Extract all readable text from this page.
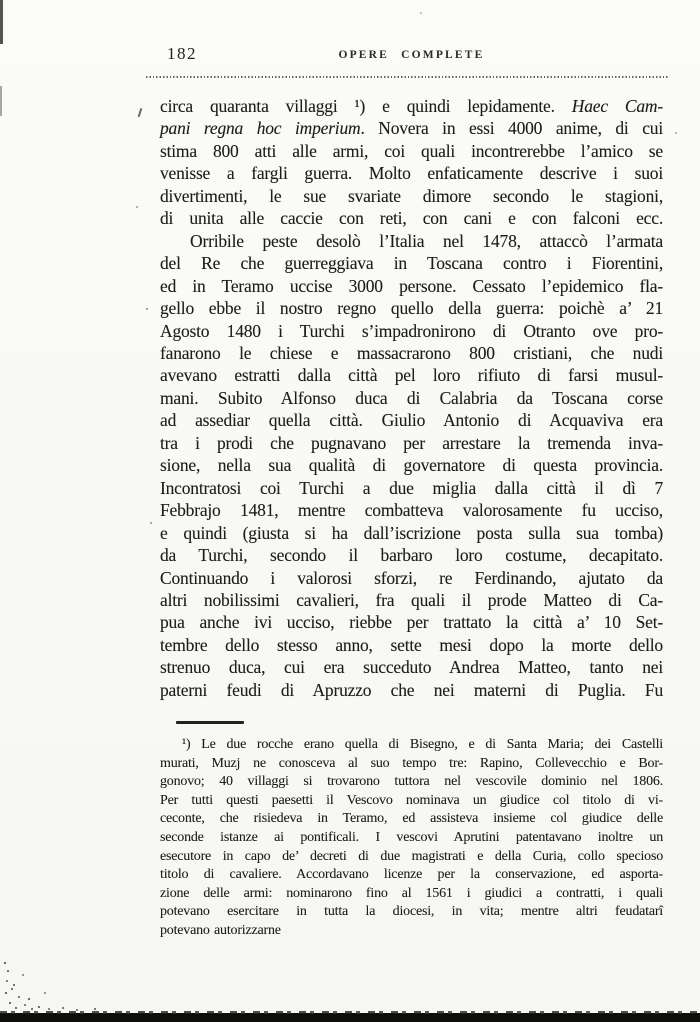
182	OPERE COMPLETE
circa quaranta villaggi ¹) e quindi lepidamente. Haec Cam-
pani regna hoc imperium. Novera in essi 4000 anime, di cui
stima 800 atti alle armi, coi quali incontrerebbe l’amico se
venisse a fargli guerra. Molto enfaticamente descrive i suoi
divertimenti, le sue svariate dimore secondo le stagioni,
di unita alle caccie con reti, con cani e con falconi ecc.
Orribile peste desolò l’Italia nel 1478, attaccò l’armata
del Re che guerreggiava in Toscana contro i Fiorentini,
ed in Teramo uccise 3000 persone. Cessato l’epidemico fla-
gello ebbe il nostro regno quello della guerra: poichè a’ 21
Agosto 1480 i Turchi s’impadronirono di Otranto ove pro-
fanarono le chiese e massacrarono 800 cristiani, che nudi
avevano estratti dalla città pel loro rifiuto di farsi musul-
mani. Subito Alfonso duca di Calabria da Toscana corse
ad assediar quella città. Giulio Antonio di Acquaviva era
tra i prodi che pugnavano per arrestare la tremenda inva-
sione, nella sua qualità di governatore di questa provincia.
Incontratosi coi Turchi a due miglia dalla città il dì 7
Febbrajo 1481, mentre combatteva valorosamente fu ucciso,
e quindi (giusta si ha dall’iscrizione posta sulla sua tomba)
da Turchi, secondo il barbaro loro costume, decapitato.
Continuando i valorosi sforzi, re Ferdinando, ajutato da
altri nobilissimi cavalieri, fra quali il prode Matteo di Ca-
pua anche ivi ucciso, riebbe per trattato la città a’ 10 Set-
tembre dello stesso anno, sette mesi dopo la morte dello
strenuo duca, cui era succeduto Andrea Matteo, tanto nei
paterni feudi di Apruzzo che nei materni di Puglia. Fu
¹) Le due rocche erano quella di Bisegno, e di Santa Maria; dei Castelli
murati, Muzj ne conosceva al suo tempo tre: Rapino, Collevecchio e Bor-
gonovo; 40 villaggi si trovarono tuttora nel vescovile dominio nel 1806.
Per tutti questi paesetti il Vescovo nominava un giudice col titolo di vi-
ceconte, che risiedeva in Teramo, ed assisteva insieme col giudice delle
seconde istanze ai pontificali. I vescovi Aprutini patentavano inoltre un
esecutore in capo de’ decreti di due magistrati e della Curia, collo specioso
titolo di cavaliere. Accordavano licenze per la conservazione, ed asporta-
zione delle armi: nominarono fino al 1561 i giudici a contratti, i quali
potevano esercitare in tutta la diocesi, in vita; mentre altri feudatarî
potevano autorizzarne
